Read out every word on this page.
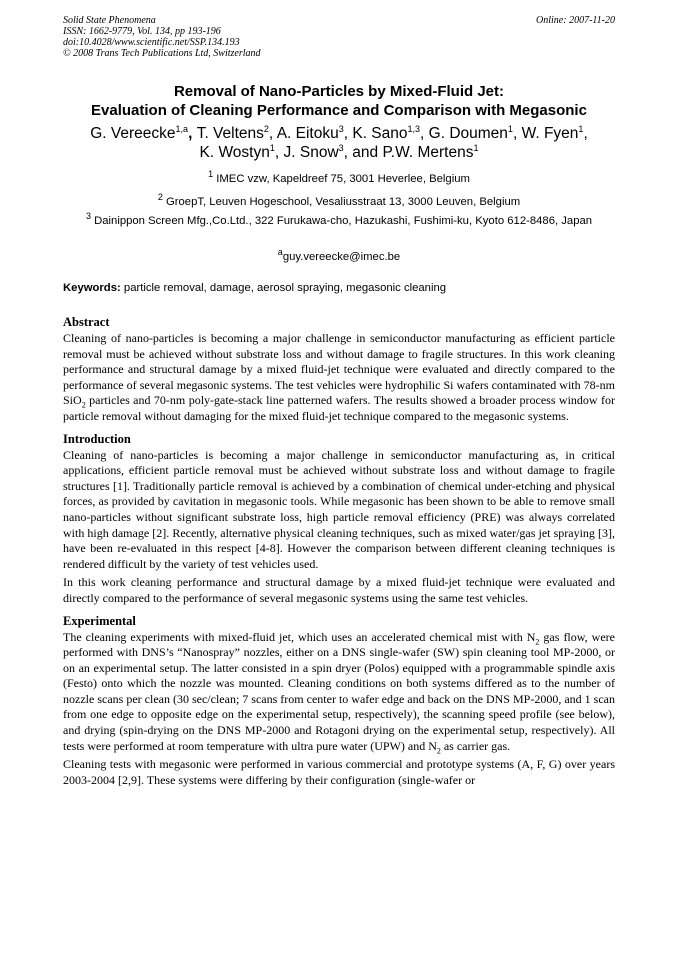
Solid State Phenomena
ISSN: 1662-9779, Vol. 134, pp 193-196
doi:10.4028/www.scientific.net/SSP.134.193
© 2008 Trans Tech Publications Ltd, Switzerland
Online: 2007-11-20
Removal of Nano-Particles by Mixed-Fluid Jet:
Evaluation of Cleaning Performance and Comparison with Megasonic
G. Vereecke$^{1,a}$, T. Veltens$^2$, A. Eitoku$^3$, K. Sano$^{1,3}$, G. Doumen$^1$, W. Fyen$^1$,
K. Wostyn$^1$, J. Snow$^3$, and P.W. Mertens$^1$
$^1$ IMEC vzw, Kapeldreef 75, 3001 Heverlee, Belgium
$^2$ GroepT, Leuven Hogeschool, Vesaliusstraat 13, 3000 Leuven, Belgium
$^3$ Dainippon Screen Mfg.,Co.Ltd., 322 Furukawa-cho, Hazukashi, Fushimi-ku, Kyoto 612-8486, Japan
$^a$guy.vereecke@imec.be
Keywords: particle removal, damage, aerosol spraying, megasonic cleaning
Abstract

Cleaning of nano-particles is becoming a major challenge in semiconductor manufacturing as efficient particle removal must be achieved without substrate loss and without damage to fragile structures. In this work cleaning performance and structural damage by a mixed fluid-jet technique were evaluated and directly compared to the performance of several megasonic systems. The test vehicles were hydrophilic Si wafers contaminated with 78-nm SiO$_2$ particles and 70-nm poly-gate-stack line patterned wafers. The results showed a broader process window for particle removal without damaging for the mixed fluid-jet technique compared to the megasonic systems.

Introduction

Cleaning of nano-particles is becoming a major challenge in semiconductor manufacturing as, in critical applications, efficient particle removal must be achieved without substrate loss and without damage to fragile structures [1]. Traditionally particle removal is achieved by a combination of chemical under-etching and physical forces, as provided by cavitation in megasonic tools. While megasonic has been shown to be able to remove small nano-particles without significant substrate loss, high particle removal efficiency (PRE) was always correlated with high damage [2]. Recently, alternative physical cleaning techniques, such as mixed water/gas jet spraying [3], have been re-evaluated in this respect [4-8]. However the comparison between different cleaning techniques is rendered difficult by the variety of test vehicles used.

In this work cleaning performance and structural damage by a mixed fluid-jet technique were evaluated and directly compared to the performance of several megasonic systems using the same test vehicles.

Experimental

The cleaning experiments with mixed-fluid jet, which uses an accelerated chemical mist with $N_2$ gas flow, were performed with DNS’s “Nanospray” nozzles, either on a DNS single-wafer (SW) spin cleaning tool MP-2000, or on an experimental setup. The latter consisted in a spin dryer (Polos) equipped with a programmable spindle axis (Festo) onto which the nozzle was mounted. Cleaning conditions on both systems differed as to the number of nozzle scans per clean (30 sec/clean; 7 scans from center to wafer edge and back on the DNS MP-2000, and 1 scan from one edge to opposite edge on the experimental setup, respectively), the scanning speed profile (see below), and drying (spin-drying on the DNS MP-2000 and Rotagoni drying on the experimental setup, respectively). All tests were performed at room temperature with ultra pure water (UPW) and $N_2$ as carrier gas.

Cleaning tests with megasonic were performed in various commercial and prototype systems (A, F, G) over years 2003-2004 [2,9]. These systems were differing by their configuration (single-wafer or
